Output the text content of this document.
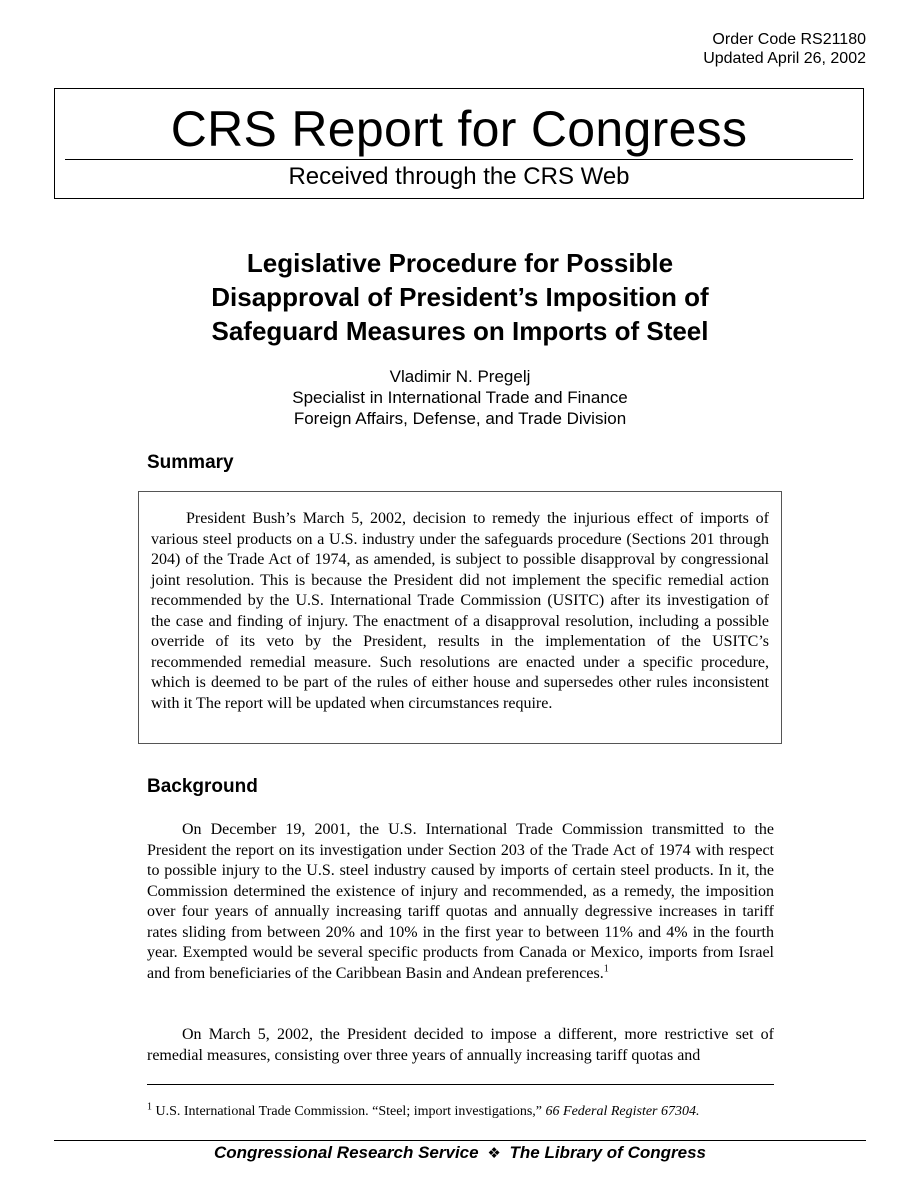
Order Code RS21180
Updated April 26, 2002
CRS Report for Congress
Received through the CRS Web
Legislative Procedure for Possible
Disapproval of President’s Imposition of
Safeguard Measures on Imports of Steel
Vladimir N. Pregelj
Specialist in International Trade and Finance
Foreign Affairs, Defense, and Trade Division
Summary
President Bush’s March 5, 2002, decision to remedy the injurious effect of imports of various steel products on a U.S. industry under the safeguards procedure (Sections 201 through 204) of the Trade Act of 1974, as amended, is subject to possible disapproval by congressional joint resolution. This is because the President did not implement the specific remedial action recommended by the U.S. International Trade Commission (USITC) after its investigation of the case and finding of injury. The enactment of a disapproval resolution, including a possible override of its veto by the President, results in the implementation of the USITC’s recommended remedial measure. Such resolutions are enacted under a specific procedure, which is deemed to be part of the rules of either house and supersedes other rules inconsistent with it The report will be updated when circumstances require.
Background
On December 19, 2001, the U.S. International Trade Commission transmitted to the President the report on its investigation under Section 203 of the Trade Act of 1974 with respect to possible injury to the U.S. steel industry caused by imports of certain steel products. In it, the Commission determined the existence of injury and recommended, as a remedy, the imposition over four years of annually increasing tariff quotas and annually degressive increases in tariff rates sliding from between 20% and 10% in the first year to between 11% and 4% in the fourth year. Exempted would be several specific products from Canada or Mexico, imports from Israel and from beneficiaries of the Caribbean Basin and Andean preferences.$^1$
On March 5, 2002, the President decided to impose a different, more restrictive set of remedial measures, consisting over three years of annually increasing tariff quotas and
$^1$ U.S. International Trade Commission. “Steel; import investigations,” 66 Federal Register 67304.
Congressional Research Service ❖ The Library of Congress
